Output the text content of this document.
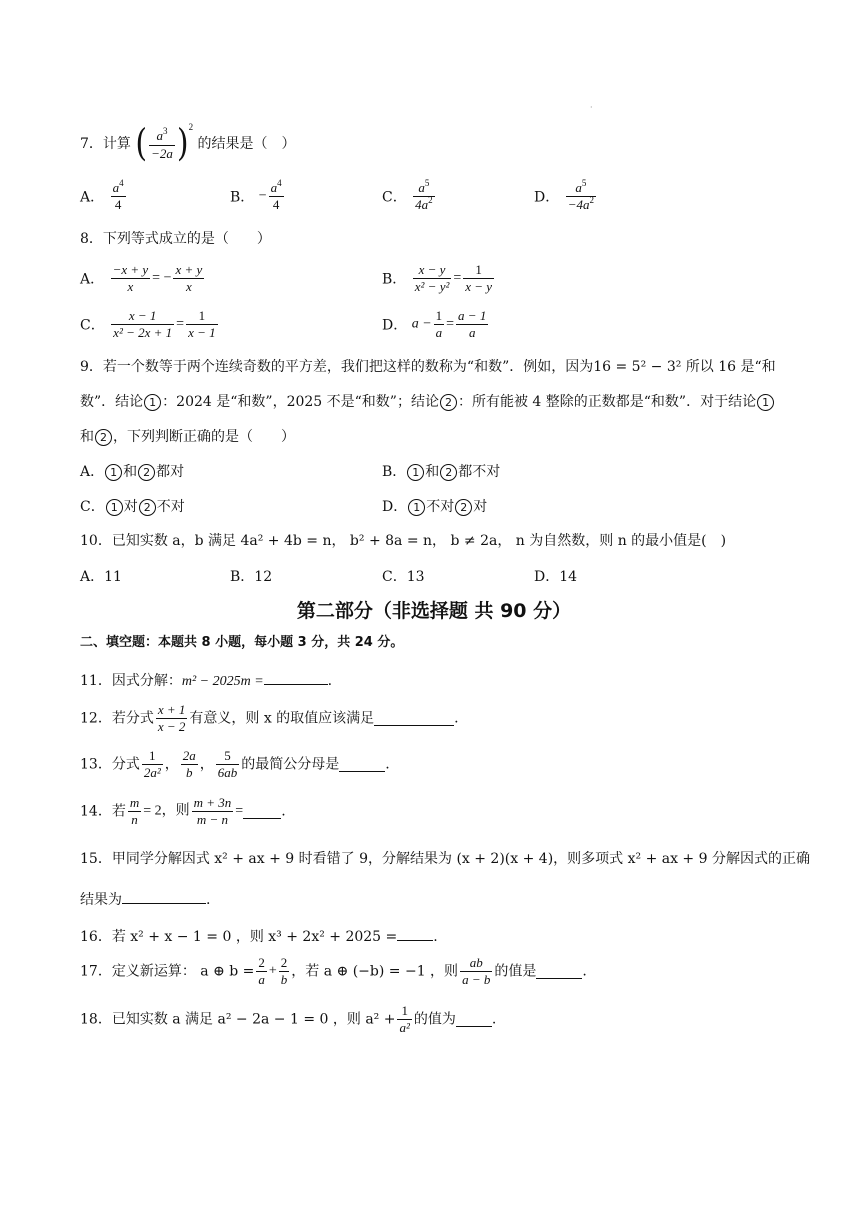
·
7．计算 ( $\frac{a^3}{-2a} )^2$ 的结果是（　）
A． $\frac{a^4}{4}$	B． − $\frac{a^4}{4}$	C． $\frac{a^5}{4a^2}$	D． $\frac{a^5}{-4a^2}$
8．下列等式成立的是（　　）
A． $\frac{-x + y}{x}$ = − $\frac{x + y}{x}$	B． $\frac{x - y}{\text{x² − y²}} = \frac{1}{x - y}$
C． $\frac{x - 1}{\text{x² − 2x + 1}} = \frac{1}{x - 1}$	D． $a - \frac{1}{a} = \frac{a - 1}{a}$
9．若一个数等于两个连续奇数的平方差，我们把这样的数称为“和数”．例如，因为16 = 5² − 3² 所以 16 是“和
数”．结论 1 ：2024 是“和数”，2025 不是“和数”；结论 2 ：所有能被 4 整除的正数都是“和数”．对于结论 1
和 2 ，下列判断正确的是（　　）
A． 1 和 2 都对	B． 1 和 2 都不对
C． 1 对 2 不对	D． 1 不对 2 对
10．已知实数 a，b 满足 4a² + 4b = n， b² + 8a = n， b ≠ 2a， n 为自然数，则 n 的最小值是(　)
A．11	B．12	C．13	D．14
第二部分（非选择题 共 90 分）
二、填空题：本题共 8 小题，每小题 3 分，共 24 分。
11．因式分解：m² − 2025m =	.
12．若分式 $\frac{x + 1}{x - 2}$ 有意义，则 x 的取值应该满足	.
13．分式 $\frac{1}{\text{2a²}}$ ， $\frac{2a}{b}$ ， $\frac{5}{6ab}$ 的最简公分母是	.
14．若 $\frac{m}{n} = 2$，则 $\frac{m + 3n}{m - n}$ =	.
15．甲同学分解因式 x² + ax + 9 时看错了 9，分解结果为 (x + 2)(x + 4)，则多项式 x² + ax + 9 分解因式的正确
结果为	.
16．若 x² + x − 1 = 0 ，则 x³ + 2x² + 2025 =	.
17．定义新运算： a ⊕ $b = \frac{2}{a} + \frac{2}{b}$ ，若 a ⊕ (−b) = −1 ，则 $\frac{ab}{a - b}$ 的值是	.
18．已知实数 a 满足 a² − 2a − 1 = 0 ，则 $a^2 + \frac{1}{\text{a²}}$ 的值为	.
